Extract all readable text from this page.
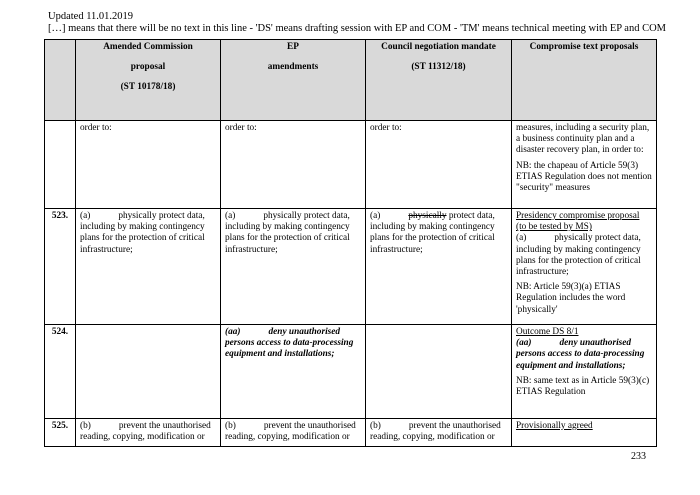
Updated 11.01.2019
[…] means that there will be no text in this line - 'DS' means drafting session with EP and COM - 'TM' means technical meeting with EP and COM

	Amended Commission
proposal
(ST 10178/18)	EP
amendments	Council negotiation mandate
(ST 11312/18)	Compromise text proposals

	order to:	order to:	order to:	measures, including a security plan, a business continuity plan and a disaster recovery plan, in order to:

NB: the chapeau of Article 59(3) ETIAS Regulation does not mention "security" measures

523.	(a) physically protect data, including by making contingency plans for the protection of critical infrastructure;	(a) physically protect data, including by making contingency plans for the protection of critical infrastructure;	(a) physically protect data, including by making contingency plans for the protection of critical infrastructure;	Presidency compromise proposal (to be tested by MS)

(a) physically protect data, including by making contingency plans for the protection of critical infrastructure;

NB: Article 59(3)(a) ETIAS Regulation includes the word 'physically'

524.		(aa) deny unauthorised persons access to data-processing equipment and installations;		Outcome DS 8/1

(aa) deny unauthorised persons access to data-processing equipment and installations;

NB: same text as in Article 59(3)(c) ETIAS Regulation

525.	(b) prevent the unauthorised reading, copying, modification or	(b) prevent the unauthorised reading, copying, modification or	(b) prevent the unauthorised reading, copying, modification or	Provisionally agreed

233
